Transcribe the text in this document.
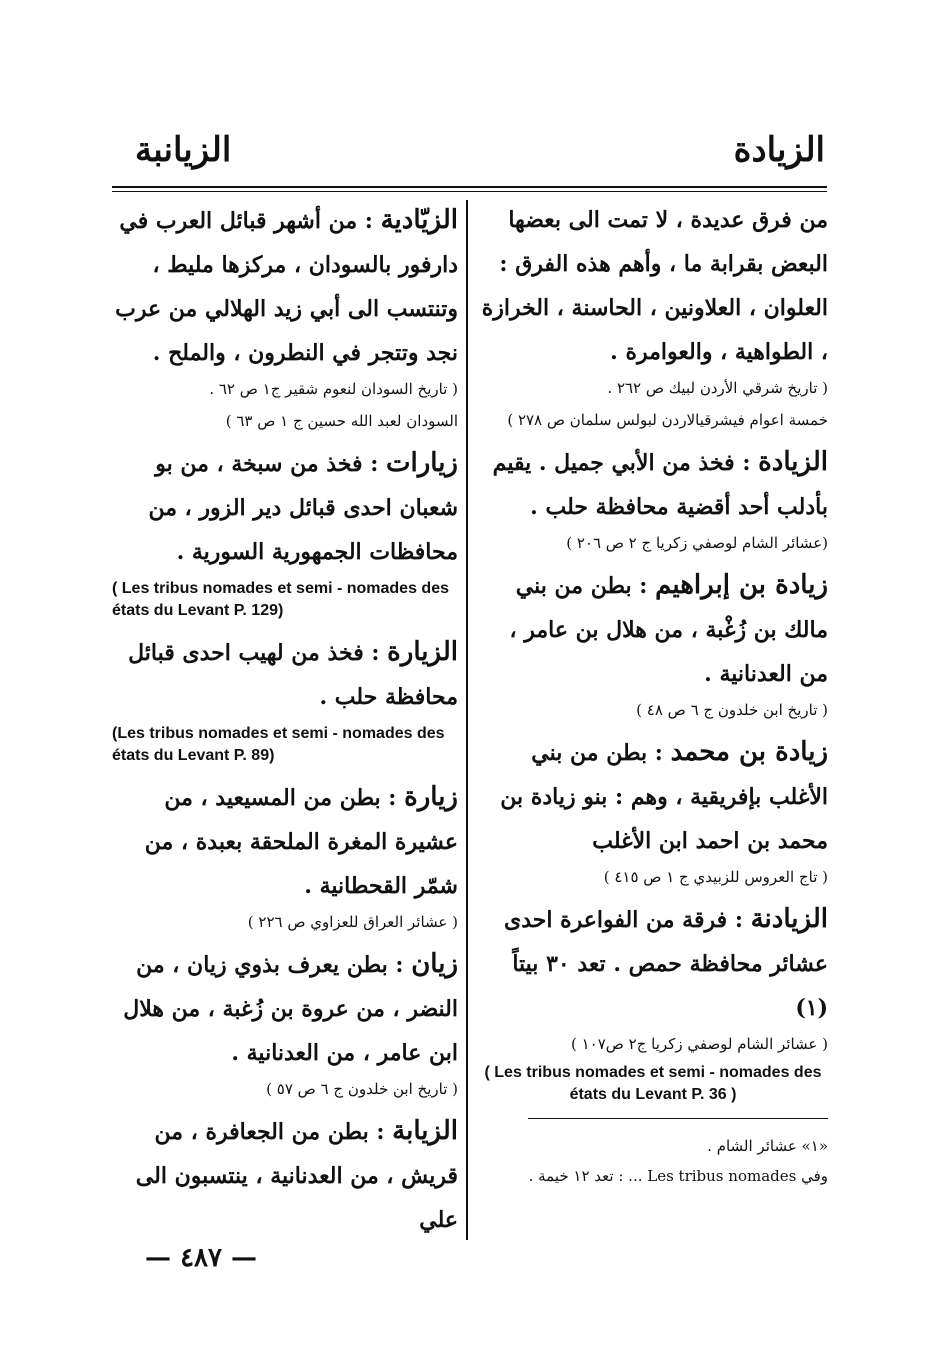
الزيادة
الزيانبة

من فرق عديدة ، لا تمت الى بعضها البعض بقرابة ما ، وأهم هذه الفرق : العلوان ، العلاونين ، الحاسنة ، الخرازة ، الطواهية ، والعوامرة .

( تاريخ شرقي الأردن لبيك ص ٢٦٢ .

خمسة اعوام فيشرقيالاردن لبولس سلمان ص ٢٧٨ )

الزيادة : فخذ من الأبي جميل . يقيم بأدلب أحد أقضية محافظة حلب .

(عشائر الشام لوصفي زكريا ج ٢ ص ٢٠٦ )

زيادة بن إبراهيم : بطن من بني مالك بن زُغْبة ، من هلال بن عامر ، من العدنانية .

( تاريخ ابن خلدون ج ٦ ص ٤٨ )

زيادة بن محمد : بطن من بني الأغلب بإفريقية ، وهم : بنو زيادة بن محمد بن احمد ابن الأغلب

( تاج العروس للزبيدي ج ١ ص ٤١٥ )

الزيادنة : فرقة من الفواعرة احدى عشائر محافظة حمص . تعد ٣٠ بيتاً (١)

( عشائر الشام لوصفي زكريا ج٢ ص١٠٧ )

( Les tribus nomades et semi - nomades des états du Levant P. 36 )

«١» عشائر الشام .

وفي Les tribus nomades ... : تعد ١٢ خيمة .

الزيّادية : من أشهر قبائل العرب في دارفور بالسودان ، مركزها مليط ، وتنتسب الى أبي زيد الهلالي من عرب نجد وتتجر في النطرون ، والملح .

( تاريخ السودان لنعوم شقير ج١ ص ٦٢ .

السودان لعبد الله حسين ج ١ ص ٦٣ )

زيارات : فخذ من سبخة ، من بو شعبان احدى قبائل دير الزور ، من محافظات الجمهورية السورية .

( Les tribus nomades et semi - nomades des états du Levant P. 129)

الزيارة : فخذ من لهيب احدى قبائل محافظة حلب .

(Les tribus nomades et semi - nomades des états du Levant P. 89)

زيارة : بطن من المسيعيد ، من عشيرة المغرة الملحقة بعبدة ، من شمّر القحطانية .

( عشائر العراق للعزاوي ص ٢٢٦ )

زيان : بطن يعرف بذوي زيان ، من النضر ، من عروة بن زُغبة ، من هلال ابن عامر ، من العدنانية .

( تاريخ ابن خلدون ج ٦ ص ٥٧ )

الزيابة : بطن من الجعافرة ، من قريش ، من العدنانية ، ينتسبون الى علي

— ٤٨٧ —
